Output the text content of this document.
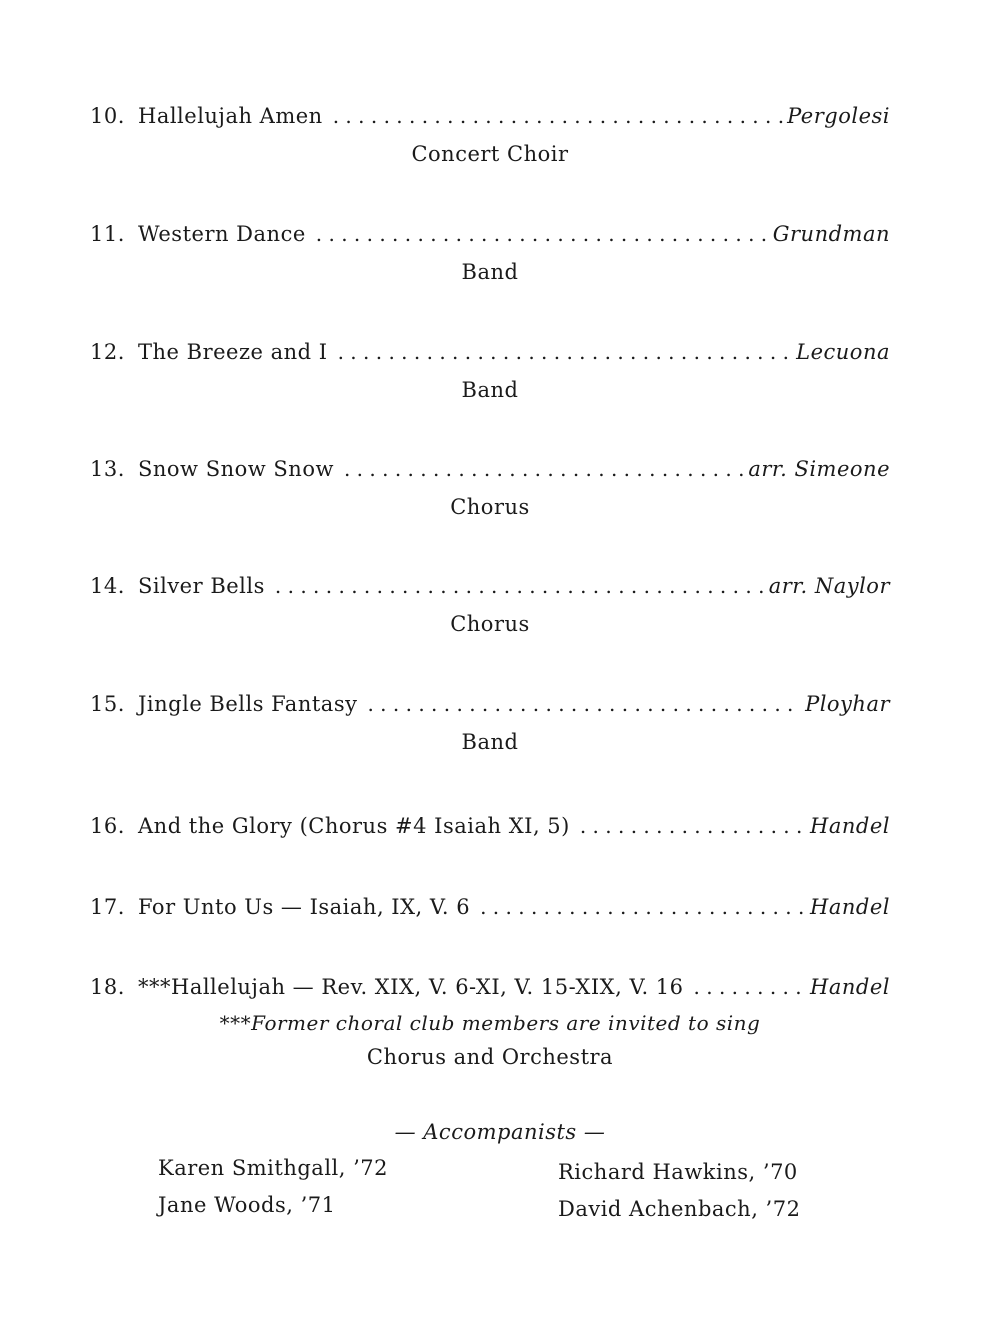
10. Hallelujah Amen . . .	Pergolesi
Concert Choir
11. Western Dance . . .	Grundman
Band
12. The Breeze and I . . .	Lecuona
Band
13. Snow Snow Snow . . .	arr. Simeone
Chorus
14. Silver Bells . . .	arr. Naylor
Chorus
15. Jingle Bells Fantasy . . .	Ployhar
Band
16. And the Glory (Chorus #4 Isaiah XI, 5) . . .	Handel
17. For Unto Us — Isaiah, IX, V. 6 . . .	Handel
18. ***Hallelujah — Rev. XIX, V. 6-XI, V. 15-XIX, V. 16 . . .	Handel
***Former choral club members are invited to sing
Chorus and Orchestra
— Accompanists —
Karen Smithgall, ’72	Richard Hawkins, ’70
Jane Woods, ’71	David Achenbach, ’72
